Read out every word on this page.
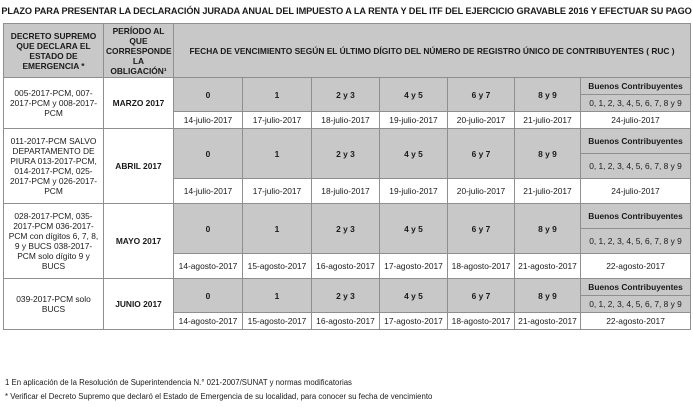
PLAZO PARA PRESENTAR LA DECLARACIÓN JURADA ANUAL DEL IMPUESTO A LA RENTA Y DEL ITF DEL EJERCICIO GRAVABLE 2016 Y EFECTUAR SU PAGO
DECRETO SUPREMO QUE DECLARA EL ESTADO DE EMERGENCIA *	PERÍODO AL QUE CORRESPONDE LA OBLIGACIÓN¹	FECHA DE VENCIMIENTO SEGÚN EL ÚLTIMO DÍGITO DEL NÚMERO DE REGISTRO ÚNICO DE CONTRIBUYENTES ( RUC )						
005-2017-PCM, 007-2017-PCM y 008-2017-PCM	MARZO 2017	0	1	2 y 3	4 y 5	6 y 7	8 y 9	Buenos Contribuyentes
								0, 1, 2, 3, 4, 5, 6, 7, 8 y 9
		14-julio-2017	17-julio-2017	18-julio-2017	19-julio-2017	20-julio-2017	21-julio-2017	24-julio-2017
011-2017-PCM SALVO DEPARTAMENTO DE PIURA 013-2017-PCM, 014-2017-PCM, 025-2017-PCM y 026-2017-PCM	ABRIL 2017	0	1	2 y 3	4 y 5	6 y 7	8 y 9	Buenos Contribuyentes
								0, 1, 2, 3, 4, 5, 6, 7, 8 y 9
		14-julio-2017	17-julio-2017	18-julio-2017	19-julio-2017	20-julio-2017	21-julio-2017	24-julio-2017
028-2017-PCM, 035-2017-PCM 036-2017-PCM con dígitos 6, 7, 8, 9 y BUCS 038-2017-PCM solo dígito 9 y BUCS	MAYO 2017	0	1	2 y 3	4 y 5	6 y 7	8 y 9	Buenos Contribuyentes
								0, 1, 2, 3, 4, 5, 6, 7, 8 y 9
		14-agosto-2017	15-agosto-2017	16-agosto-2017	17-agosto-2017	18-agosto-2017	21-agosto-2017	22-agosto-2017
039-2017-PCM solo BUCS	JUNIO 2017	0	1	2 y 3	4 y 5	6 y 7	8 y 9	Buenos Contribuyentes
								0, 1, 2, 3, 4, 5, 6, 7, 8 y 9
		14-agosto-2017	15-agosto-2017	16-agosto-2017	17-agosto-2017	18-agosto-2017	21-agosto-2017	22-agosto-2017
1 En aplicación de la Resolución de Superintendencia N.° 021-2007/SUNAT y normas modificatorias
* Verificar el Decreto Supremo que declaró el Estado de Emergencia de su localidad, para conocer su fecha de vencimiento
